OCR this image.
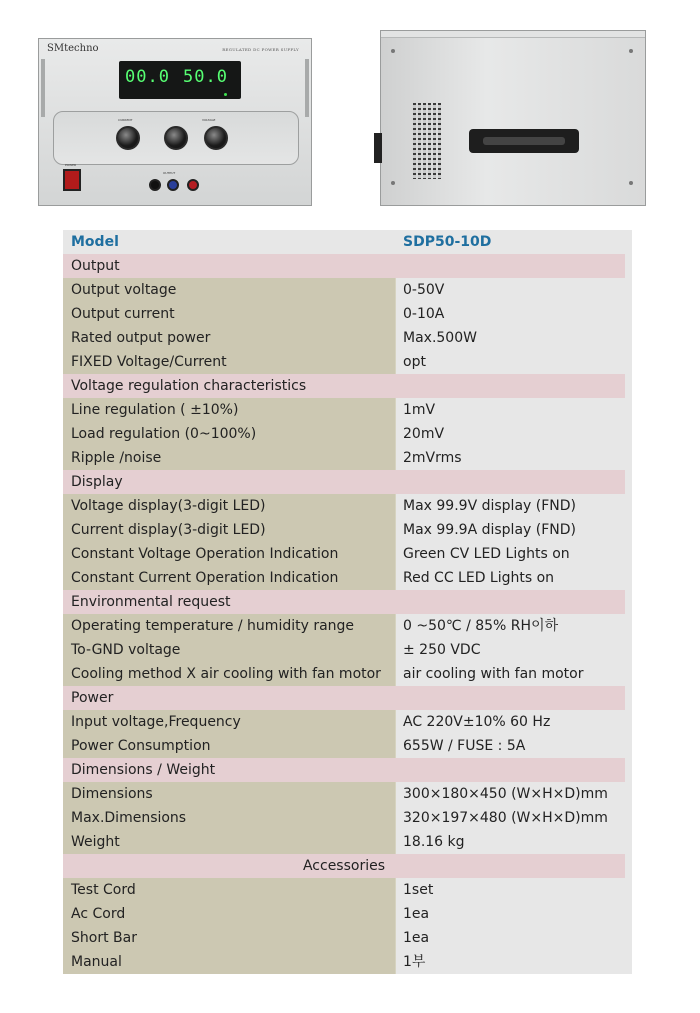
SMtechno	REGULATED DC POWER SUPPLY
00.0 50.0
CURRENT	VOLTAGE
POWER
OUTPUT
Model	SDP50-10D
Output
Output voltage	0-50V
Output current	0-10A
Rated output power	Max.500W
FIXED Voltage/Current	opt
Voltage regulation characteristics
Line regulation ( ±10%)	1mV
Load regulation (0~100%)	20mV
Ripple /noise	2mVrms
Display
Voltage display(3-digit LED)	Max 99.9V display (FND)
Current display(3-digit LED)	Max 99.9A display (FND)
Constant Voltage Operation Indication	Green CV LED Lights on
Constant Current Operation Indication	Red CC LED Lights on
Environmental request
Operating temperature / humidity range	0 ~50℃ / 85% RH이하
To-GND voltage	± 250 VDC
Cooling method X air cooling with fan motor	air cooling with fan motor
Power
Input voltage,Frequency	AC 220V±10% 60 Hz
Power Consumption	655W / FUSE : 5A
Dimensions / Weight
Dimensions	300×180×450 (W×H×D)mm
Max.Dimensions	320×197×480 (W×H×D)mm
Weight	18.16 kg
Accessories
Test Cord	1set
Ac Cord	1ea
Short Bar	1ea
Manual	1부
